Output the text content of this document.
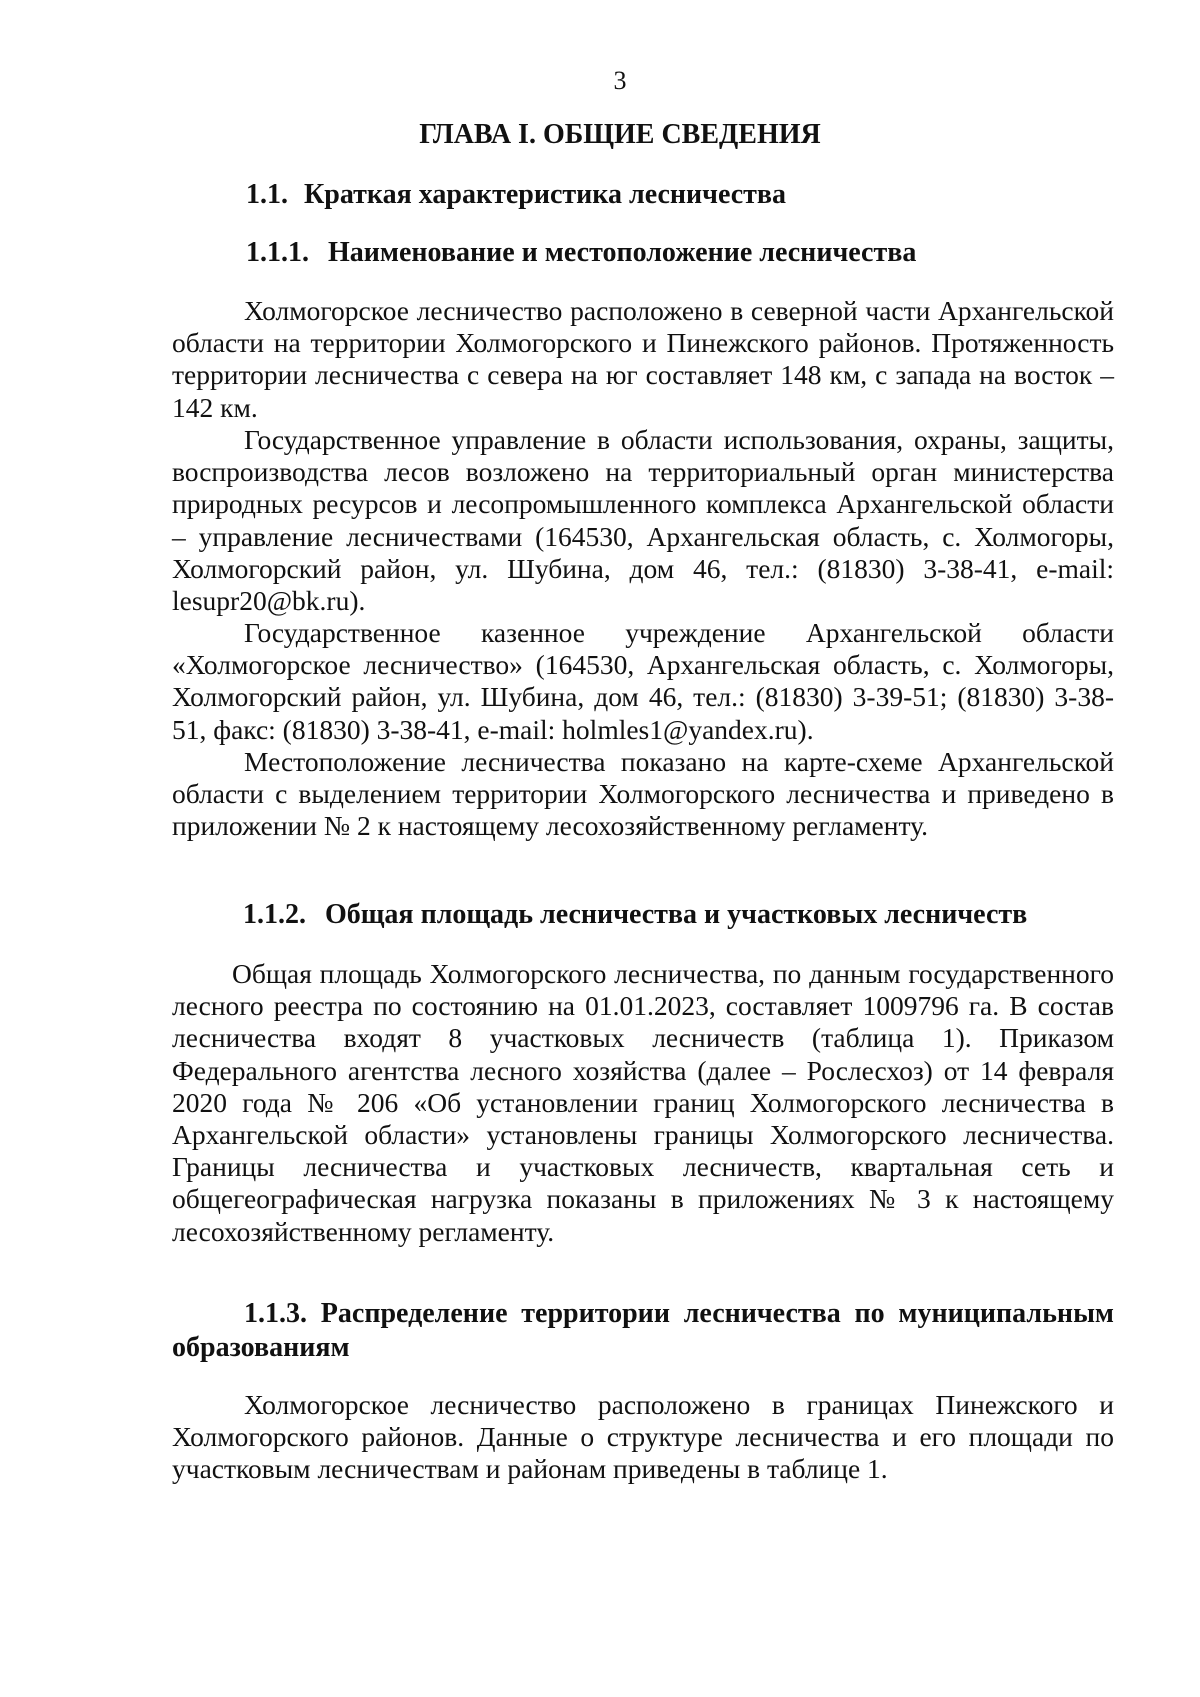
3
ГЛАВА I. ОБЩИЕ СВЕДЕНИЯ
1.1. Краткая характеристика лесничества
1.1.1. Наименование и местоположение лесничества

Холмогорское лесничество расположено в северной части Архангельской области на территории Холмогорского и Пинежского районов. Протяженность территории лесничества с севера на юг составляет 148 км, с запада на восток –142 км.

Государственное управление в области использования, охраны, защиты, воспроизводства лесов возложено на территориальный орган министерства природных ресурсов и лесопромышленного комплекса Архангельской области – управление лесничествами (164530, Архангельская область, с. Холмогоры, Холмогорский район, ул. Шубина, дом 46, тел.: (81830) 3-38-41, e-mail: lesupr20@bk.ru).

Государственное казенное учреждение Архангельской области «Холмогорское лесничество» (164530, Архангельская область, с. Холмогоры, Холмогорский район, ул. Шубина, дом 46, тел.: (81830) 3-39-51; (81830) 3-38-51, факс: (81830) 3-38-41, e-mail: holmles1@yandex.ru).

Местоположение лесничества показано на карте-схеме Архангельской области с выделением территории Холмогорского лесничества и приведено в приложении № 2 к настоящему лесохозяйственному регламенту.

1.1.2. Общая площадь лесничества и участковых лесничеств

Общая площадь Холмогорского лесничества, по данным государственного лесного реестра по состоянию на 01.01.2023, составляет 1009796 га. В состав лесничества входят 8 участковых лесничеств (таблица 1). Приказом Федерального агентства лесного хозяйства (далее – Рослесхоз) от 14 февраля 2020 года № 206 «Об установлении границ Холмогорского лесничества в Архангельской области» установлены границы Холмогорского лесничества. Границы лесничества и участковых лесничеств, квартальная сеть и общегеографическая нагрузка показаны в приложениях № 3 к настоящему лесохозяйственному регламенту.

1.1.3. Распределение территории лесничества по муниципальным образованиям

Холмогорское лесничество расположено в границах Пинежского и Холмогорского районов. Данные о структуре лесничества и его площади по участковым лесничествам и районам приведены в таблице 1.
